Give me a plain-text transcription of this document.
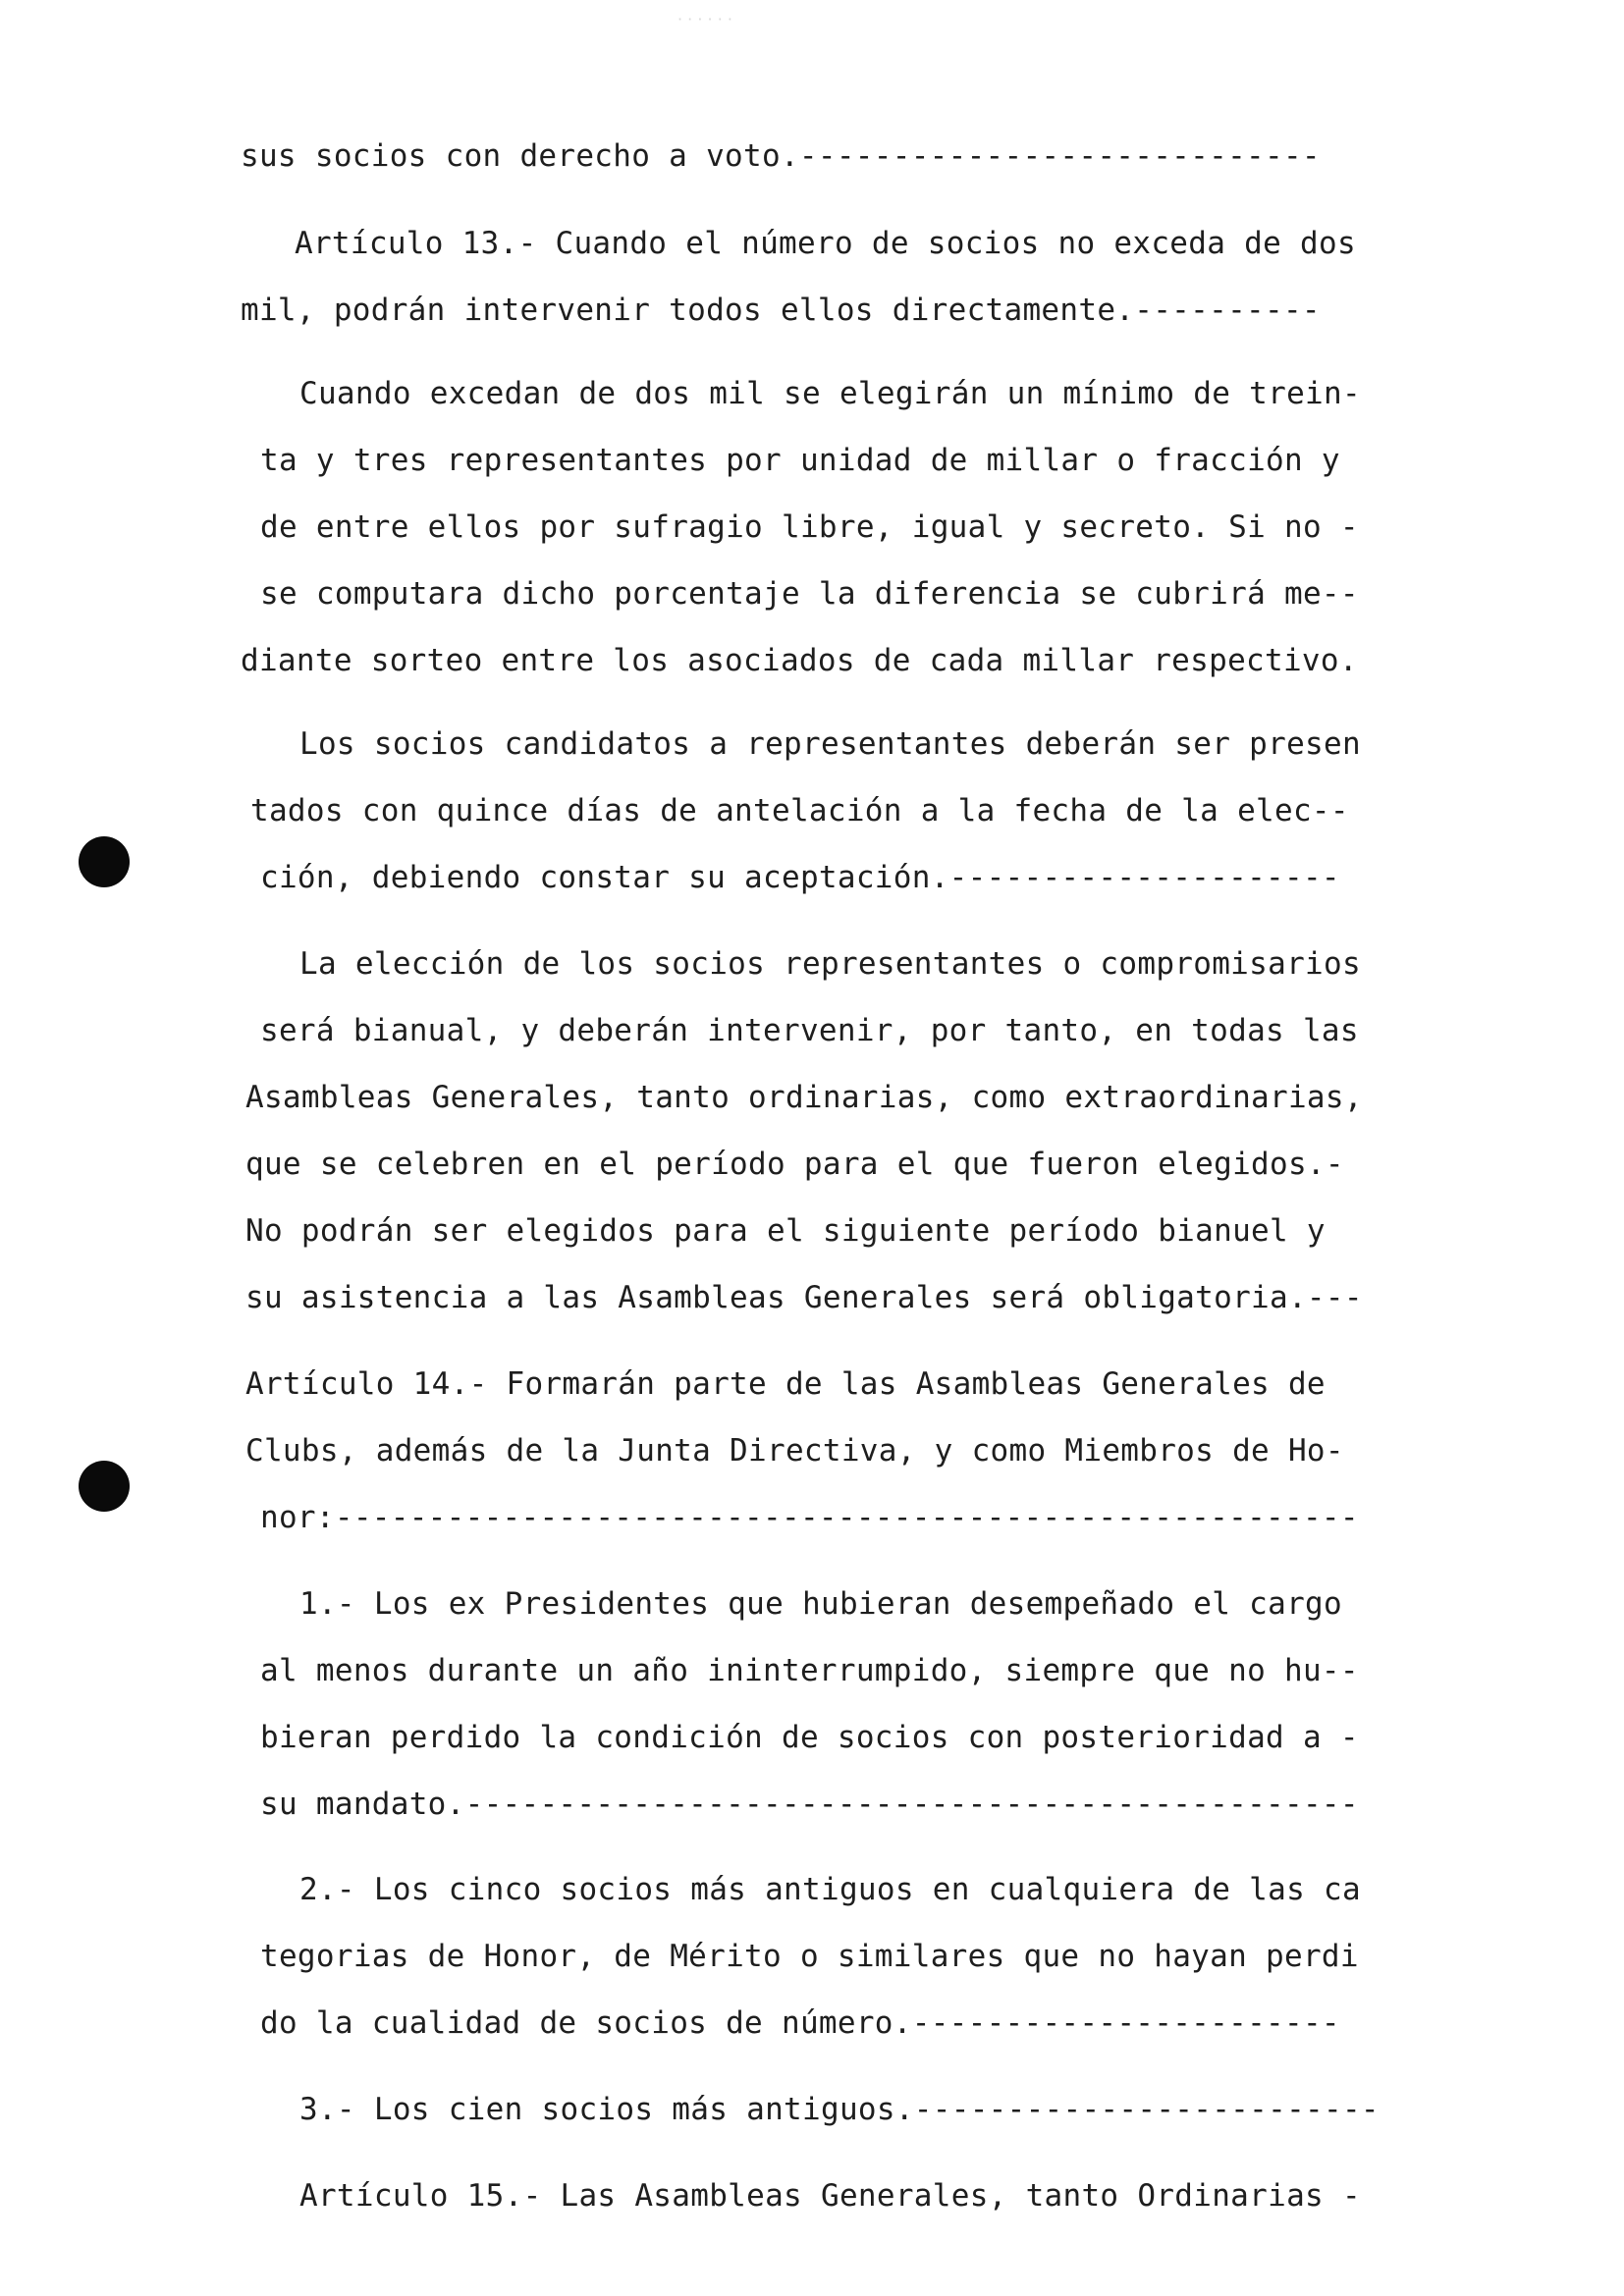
· · · · · ·
sus socios con derecho a voto.----------------------------
Artículo 13.- Cuando el número de socios no exceda de dos
mil, podrán intervenir todos ellos directamente.----------
Cuando excedan de dos mil se elegirán un mínimo de trein-
ta y tres representantes por unidad de millar o fracción y
de entre ellos por sufragio libre, igual y secreto. Si no -
se computara dicho porcentaje la diferencia se cubrirá me--
diante sorteo entre los asociados de cada millar respectivo.
Los socios candidatos a representantes deberán ser presen
tados con quince días de antelación a la fecha de la elec--
ción, debiendo constar su aceptación.---------------------
La elección de los socios representantes o compromisarios
será bianual, y deberán intervenir, por tanto, en todas las
Asambleas Generales, tanto ordinarias, como extraordinarias,
que se celebren en el período para el que fueron elegidos.-
No podrán ser elegidos para el siguiente período bianuel y
su asistencia a las Asambleas Generales será obligatoria.---
Artículo 14.- Formarán parte de las Asambleas Generales de
Clubs, además de la Junta Directiva, y como Miembros de Ho-
nor:-------------------------------------------------------
1.- Los ex Presidentes que hubieran desempeñado el cargo
al menos durante un año ininterrumpido, siempre que no hu--
bieran perdido la condición de socios con posterioridad a -
su mandato.------------------------------------------------
2.- Los cinco socios más antiguos en cualquiera de las ca
tegorias de Honor, de Mérito o similares que no hayan perdi
do la cualidad de socios de número.-----------------------
3.- Los cien socios más antiguos.-------------------------
Artículo 15.- Las Asambleas Generales, tanto Ordinarias -
